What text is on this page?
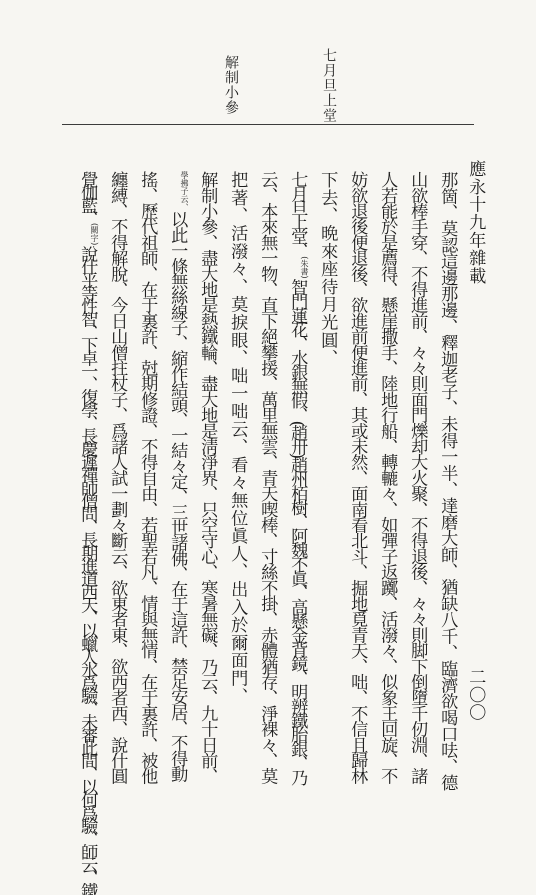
七月旦上堂
解制小參
應永十九年雜載
二〇〇
那箇、莫認這邊那邊、釋迦老子、未得一半、達磨大師、猶缺八千、臨濟欲喝口呿、德
山欲棒手穿、不得進前、々々則面門爍却大火聚、不得退後、々々則脚下倒墮千仞淵、諸
人若能於是薦得、懸崖撒手、陸地行船、轉轆々、如彈子返躑、活潑々、似象王回旋、不
妨欲退後便退後、欲進前便進前、其或未然、面南看北斗、掘地覓青天、咄、不信且歸林
下去、晩來座待月光圓、
七月旦上堂、$^{(朱書)}$智門蓮花、水銀無假、(趙卅)趙州栢樹、阿魏不眞、高懸金背鏡、明辨鐵胎銀、乃
云、本來無一物、直下絕攀援、萬里無雲、青天喫棒、寸絲不掛、赤體猶存、淨裸々、莫
把著、活潑々、莫捩眼、咄一咄云、看々無位眞人、出入於爾面門、
解制小參、盡大地是熱鐵輪、盡大地是淸淨界、只空守心、寒暑無礙、乃云、九十日前、
$^{學拂子云、}$以此一條無絲線子、縮作結頭、一結々定、三世諸佛、在于這許、禁足安居、不得動
搖、歷代祖師、在于裏許、尅期修證、不得自由、若聖若凡、情與無情、在于裏許、被他
纏縛、不得解脫、今日山僧拄杖子、爲諸人試一劃々斷云、欲東者東、欲西者西、說什圓
覺伽藍、$^{(闕字)}$說什平等性智、下卓一、復學、長慶遲禪師僧問、長期進道西天、以蠟人氷爲驗、未審此間、以何爲驗、師云、鐵
